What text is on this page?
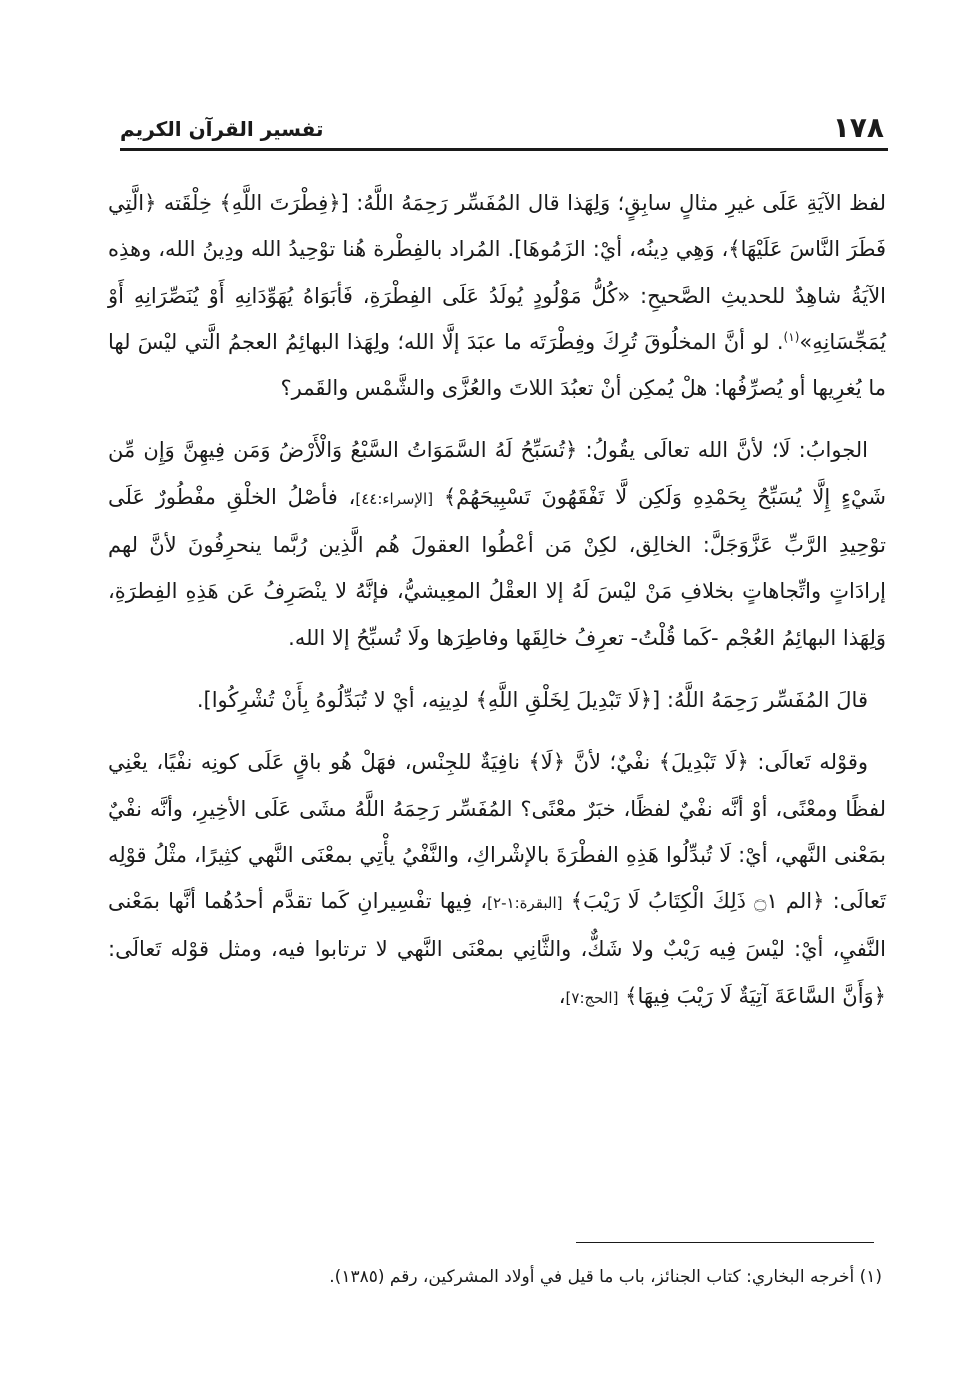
١٧٨
تفسير القرآن الكريم

لفظ الآيَةِ عَلَى غيرِ مثالٍ سابِقٍ؛ وَلِهَذا قال المُفَسِّر رَحِمَهُ اللَّهُ: [﴿فِطْرَتَ اللَّهِ﴾ خِلْقَته ﴿الَّتِي فَطَرَ النَّاسَ عَلَيْهَا﴾، وَهِي دِينُه، أيْ: الزَمُوهَا]. المُراد بالفِطْرة هُنا توْحِيدُ الله ودِينُ الله، وهذِه الآيَةُ شاهِدٌ للحديثِ الصَّحيحِ: «كُلُّ مَوْلُودٍ يُولَدُ عَلَى الفِطْرَةِ، فَأبَوَاهُ يُهَوِّدَانِهِ أَوْ يُنَصِّرَانِهِ أَوْ يُمَجِّسَانِهِ»$^{(١)}$. لو أنَّ المخلُوقَ تُرِكَ وفِطْرَتَه ما عبَدَ إلَّا الله؛ ولِهَذا البهائِمُ العجمُ الَّتي ليْسَ لها ما يُغرِيها أو يُصرِّفُها: هلْ يُمكِن أنْ تعبُدَ اللاتَ والعُزَّى والشَّمْس والقَمر؟

الجوابُ: لَا؛ لأنَّ الله تعالَى يقُولُ: ﴿تُسَبِّحُ لَهُ السَّمَوَاتُ السَّبْعُ وَالْأَرْضُ وَمَن فِيهِنَّ وَإِن مِّن شَيْءٍ إِلَّا يُسَبِّحُ بِحَمْدِهِ وَلَكِن لَّا تَفْقَهُونَ تَسْبِيحَهُمْ﴾ [الإسراء:٤٤]، فأصْلُ الخلْقِ مفْطُورٌ عَلَى توْحِيدِ الرَّبِّ عَزَّوَجَلَّ: الخالِق، لكِنْ مَن أعْطُوا العقولَ هُم الَّذِين رُبَّما ينحرِفُونَ لأنَّ لهم إرادَاتٍ واتِّجاهاتٍ بخلافِ مَنْ ليْسَ لَهُ إلا العقْلُ المعِيشيُّ، فإنَّهُ لا ينْصَرِفُ عَن هَذِهِ الفِطرَةِ، وَلِهَذا البهائِمُ العُجْم -كَما قُلْتُ- تعرِفُ خالِقَها وفاطِرَها ولَا تُسبِّحُ إلا الله.

قالَ المُفَسِّر رَحِمَهُ اللَّهُ: [﴿لَا تَبْدِيلَ لِخَلْقِ اللَّهِ﴾ لدِينِه، أيْ لا تُبَدِّلُوهُ بِأَنْ تُشْرِكُوا].

وقوْله تَعالَى: ﴿لَا تَبْدِيلَ﴾ نفْيٌ؛ لأنَّ ﴿لَا﴾ نافِيَةٌ للجِنْس، فهَلْ هُو باقٍ عَلَى كونِه نفْيًا، يعْنِي لفظًا ومعْنًى، أوْ أنَّه نفْيٌ لفظًا، خبَرٌ معْنًى؟ المُفَسِّر رَحِمَهُ اللَّهُ مشَى عَلَى الأخِيرِ، وأنَّه نفْيٌ بمَعْنى النَّهي، أيْ: لَا تُبدِّلُوا هَذِهِ الفطْرَةَ بالإشْراكِ، والنَّفْيُ يأْتِي بمعْنَى النَّهي كثِيرًا، مثْلُ قوْلِه تَعالَى: ﴿الم ۝١ ذَلِكَ الْكِتَابُ لَا رَيْبَ﴾ [البقرة:١-٢]، فِيها تفْسِيرانِ كَما تقدَّم أحدُهُما أنَّها بمَعْنى النَّفيِ، أيْ: ليْسَ فِيه رَيْبٌ ولا شَكٌّ، والثَّانِي بمعْنَى النَّهي لا ترتابوا فيه، ومثل قوْله تَعالَى: ﴿وَأَنَّ السَّاعَةَ آتِيَةٌ لَا رَيْبَ فِيهَا﴾ [الحج:٧]،

(١) أخرجه البخاري: كتاب الجنائز، باب ما قيل في أولاد المشركين، رقم (١٣٨٥).
